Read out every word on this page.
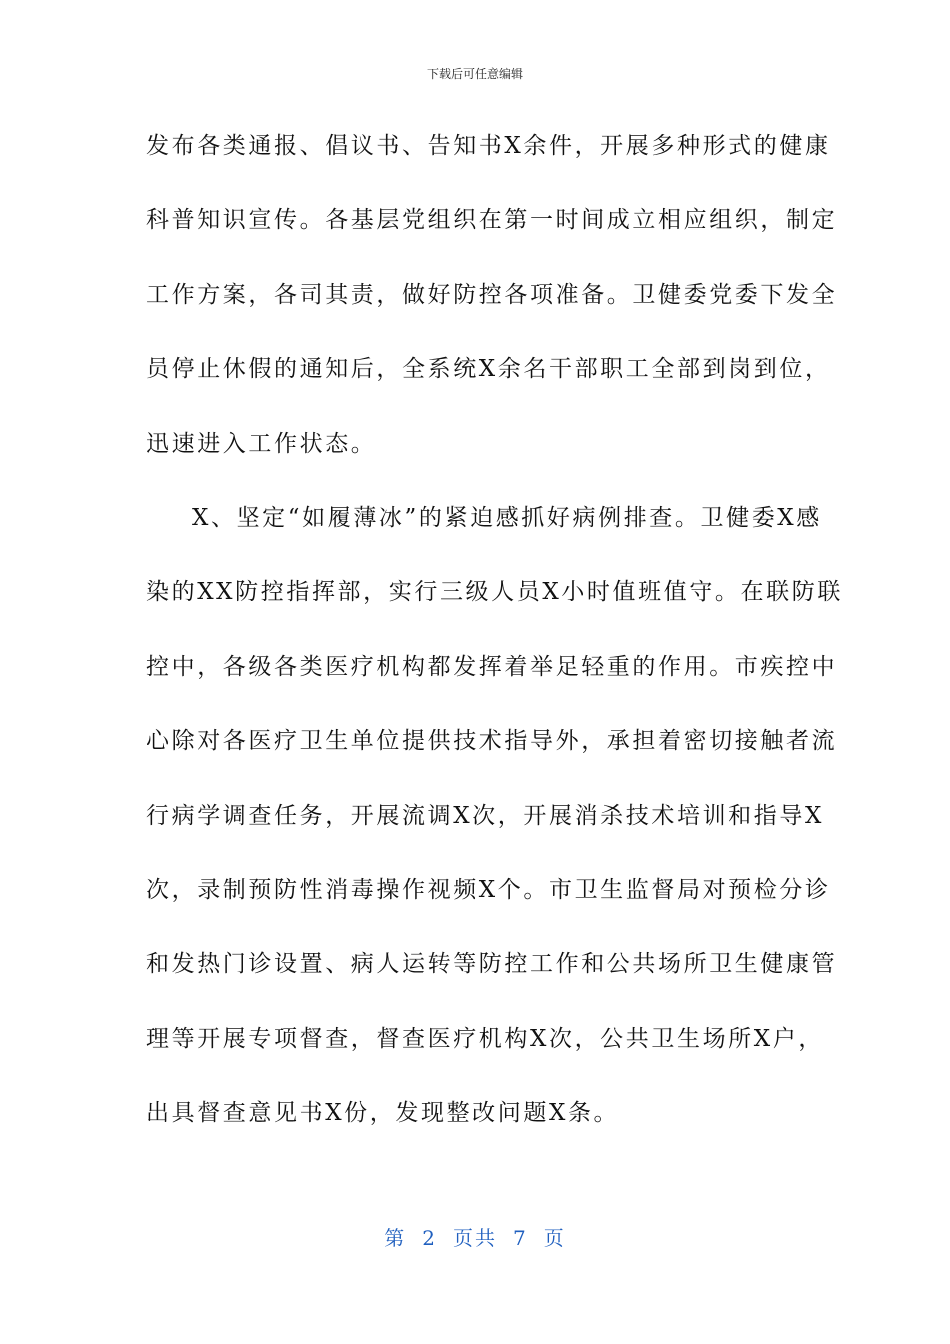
下载后可任意编辑
发布各类通报、倡议书、告知书X余件，开展多种形式的健康
科普知识宣传。各基层党组织在第一时间成立相应组织，制定
工作方案，各司其责，做好防控各项准备。卫健委党委下发全
员停止休假的通知后，全系统X余名干部职工全部到岗到位，
迅速进入工作状态。
X、坚定“如履薄冰”的紧迫感抓好病例排查。卫健委X感
染的XX防控指挥部，实行三级人员X小时值班值守。在联防联
控中，各级各类医疗机构都发挥着举足轻重的作用。市疾控中
心除对各医疗卫生单位提供技术指导外，承担着密切接触者流
行病学调查任务，开展流调X次，开展消杀技术培训和指导X
次，录制预防性消毒操作视频X个。市卫生监督局对预检分诊
和发热门诊设置、病人运转等防控工作和公共场所卫生健康管
理等开展专项督查，督查医疗机构X次，公共卫生场所X户，
出具督查意见书X份，发现整改问题X条。
第 2 页共 7 页
